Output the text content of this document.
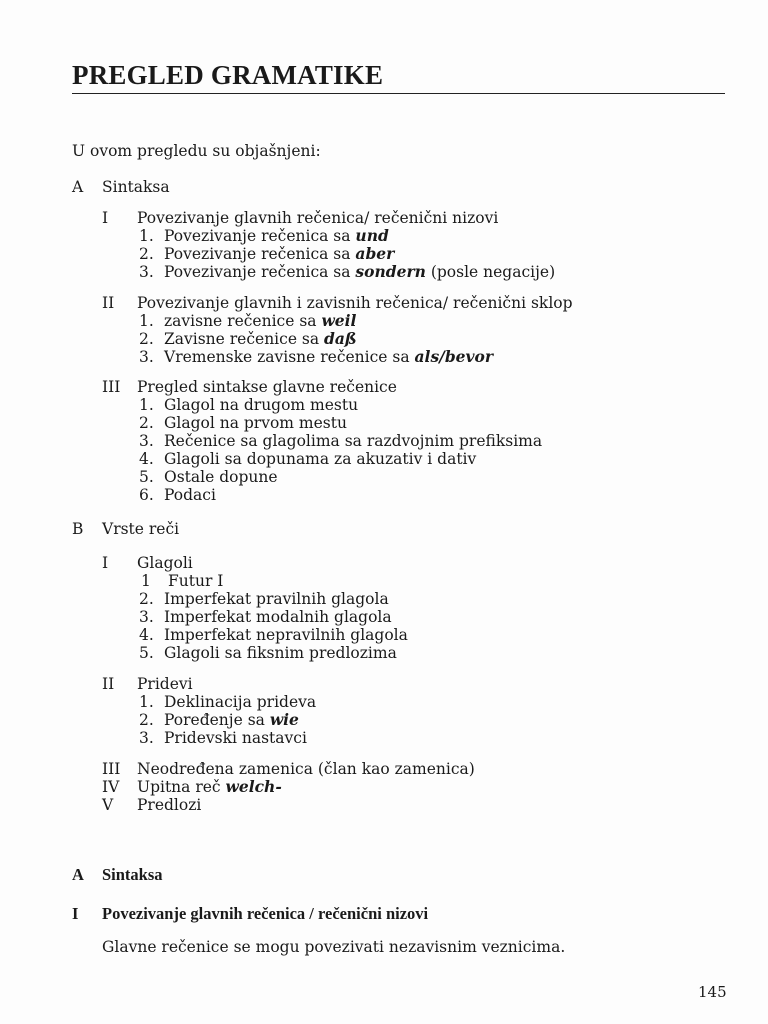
PREGLED GRAMATIKE
U ovom pregledu su objašnjeni:
A Sintaksa
I Povezivanje glavnih rečenica/ rečenični nizovi
1. Povezivanje rečenica sa und
2. Povezivanje rečenica sa aber
3. Povezivanje rečenica sa sondern (posle negacije)
II Povezivanje glavnih i zavisnih rečenica/ rečenični sklop
1. zavisne rečenice sa weil
2. Zavisne rečenice sa daß
3. Vremenske zavisne rečenice sa als/bevor
III Pregled sintakse glavne rečenice
1. Glagol na drugom mestu
2. Glagol na prvom mestu
3. Rečenice sa glagolima sa razdvojnim prefiksima
4. Glagoli sa dopunama za akuzativ i dativ
5. Ostale dopune
6. Podaci
B Vrste reči
I Glagoli
1 Futur I
2. Imperfekat pravilnih glagola
3. Imperfekat modalnih glagola
4. Imperfekat nepravilnih glagola
5. Glagoli sa fiksnim predlozima
II Pridevi
1. Deklinacija prideva
2. Poređenje sa wie
3. Pridevski nastavci
III Neodređena zamenica (član kao zamenica)
IV Upitna reč welch-
V Predlozi
A Sintaksa
I Povezivanje glavnih rečenica / rečenični nizovi
Glavne rečenice se mogu povezivati nezavisnim veznicima.
145
